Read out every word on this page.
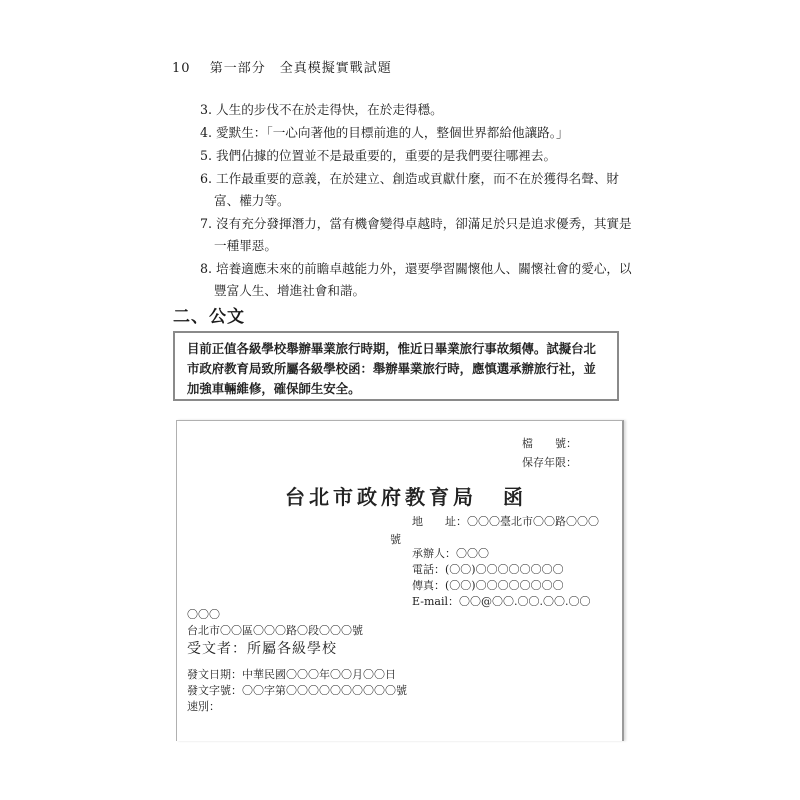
10 第一部分　全真模擬實戰試題
3. 人生的步伐不在於走得快，在於走得穩。
4. 愛默生：「一心向著他的目標前進的人，整個世界都給他讓路。」
5. 我們佔據的位置並不是最重要的，重要的是我們要往哪裡去。
6. 工作最重要的意義，在於建立、創造或貢獻什麼，而不在於獲得名聲、財富、權力等。
7. 沒有充分發揮潛力，當有機會變得卓越時，卻滿足於只是追求優秀，其實是一種罪惡。
8. 培養適應未來的前瞻卓越能力外，還要學習關懷他人、關懷社會的愛心，以豐富人生、增進社會和諧。
二、公文
目前正值各級學校舉辦畢業旅行時期，惟近日畢業旅行事故頻傳。試擬台北市政府教育局致所屬各級學校函：舉辦畢業旅行時，應慎選承辦旅行社，並加強車輛維修，確保師生安全。
檔　　號：
保存年限：
台北市政府教育局 函
地　　址：〇〇〇臺北市〇〇路〇〇〇
號
承辦人：〇〇〇
電話：(〇〇)〇〇〇〇〇〇〇〇
傳真：(〇〇)〇〇〇〇〇〇〇〇
E-mail：〇〇@〇〇.〇〇.〇〇.〇〇
〇〇〇
台北市〇〇區〇〇〇路〇段〇〇〇號
受文者：所屬各級學校
發文日期：中華民國〇〇〇年〇〇月〇〇日
發文字號：〇〇字第〇〇〇〇〇〇〇〇〇〇號
速別：
